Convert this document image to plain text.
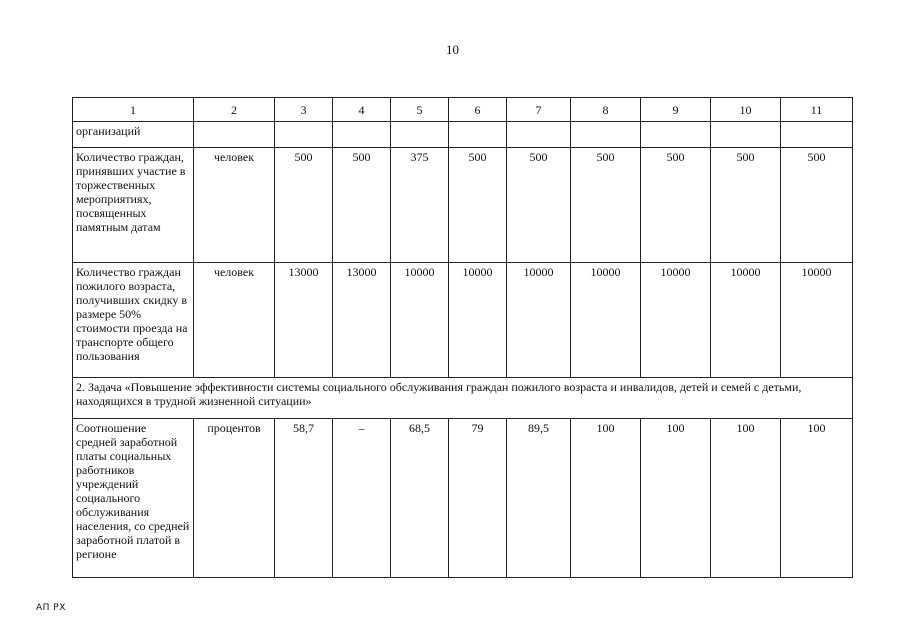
10
1	2	3	4	5	6	7	8	9	10	11
организаций										
Количество граждан, принявших участие в торжественных мероприятиях, посвященных памятным датам	человек	500	500	375	500	500	500	500	500	500
Количество граждан пожилого возраста, получивших скидку в размере 50% стоимости проезда на транспорте общего пользования	человек	13000	13000	10000	10000	10000	10000	10000	10000	10000
2. Задача «Повышение эффективности системы социального обслуживания граждан пожилого возраста и инвалидов, детей и семей с детьми, находящихся в трудной жизненной ситуации»										
Соотношение средней заработной платы социальных работников учреждений социального обслуживания населения, со средней заработной платой в регионе	процентов	58,7	–	68,5	79	89,5	100	100	100	100
АП РХ
